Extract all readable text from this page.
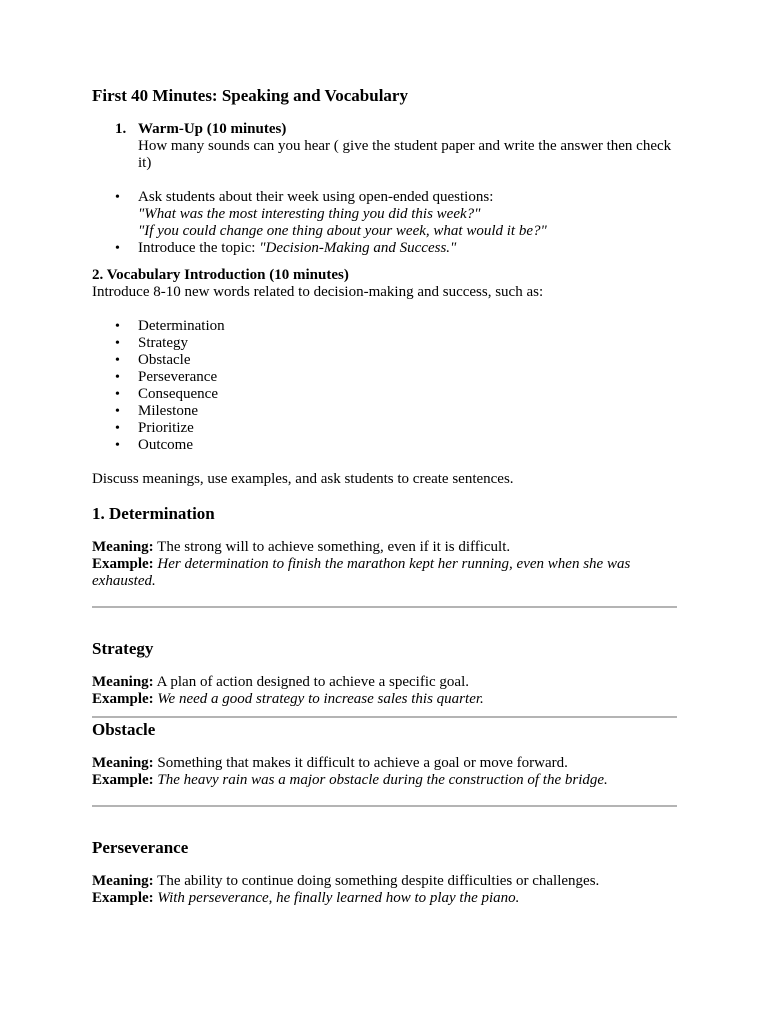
First 40 Minutes: Speaking and Vocabulary
1. Warm-Up (10 minutes)
How many sounds can you hear ( give the student paper and write the answer then check it)
• Ask students about their week using open-ended questions:
"What was the most interesting thing you did this week?"
"If you could change one thing about your week, what would it be?"
• Introduce the topic: "Decision-Making and Success."
2. Vocabulary Introduction (10 minutes)
Introduce 8-10 new words related to decision-making and success, such as:
• Determination
• Strategy
• Obstacle
• Perseverance
• Consequence
• Milestone
• Prioritize
• Outcome
Discuss meanings, use examples, and ask students to create sentences.
1. Determination
Meaning: The strong will to achieve something, even if it is difficult.
Example: Her determination to finish the marathon kept her running, even when she was exhausted.
Strategy
Meaning: A plan of action designed to achieve a specific goal.
Example: We need a good strategy to increase sales this quarter.
Obstacle
Meaning: Something that makes it difficult to achieve a goal or move forward.
Example: The heavy rain was a major obstacle during the construction of the bridge.
Perseverance
Meaning: The ability to continue doing something despite difficulties or challenges.
Example: With perseverance, he finally learned how to play the piano.
